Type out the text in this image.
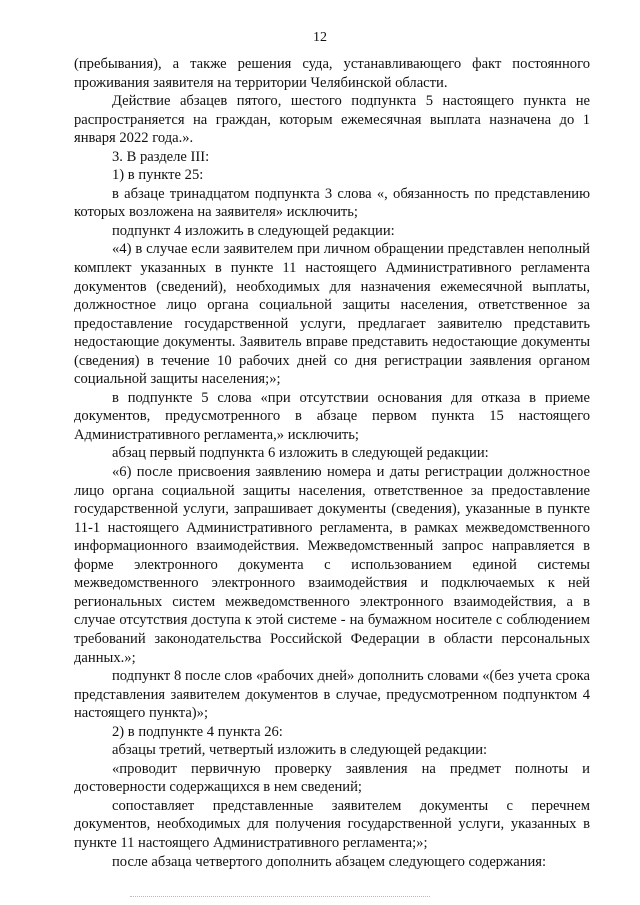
12

(пребывания), а также решения суда, устанавливающего факт постоянного проживания заявителя на территории Челябинской области.

Действие абзацев пятого, шестого подпункта 5 настоящего пункта не распространяется на граждан, которым ежемесячная выплата назначена до 1 января 2022 года.».

3. В разделе III:

1) в пункте 25:

в абзаце тринадцатом подпункта 3 слова «, обязанность по представлению которых возложена на заявителя» исключить;

подпункт 4 изложить в следующей редакции:

«4) в случае если заявителем при личном обращении представлен неполный комплект указанных в пункте 11 настоящего Административного регламента документов (сведений), необходимых для назначения ежемесячной выплаты, должностное лицо органа социальной защиты населения, ответственное за предоставление государственной услуги, предлагает заявителю представить недостающие документы. Заявитель вправе представить недостающие документы (сведения) в течение 10 рабочих дней со дня регистрации заявления органом социальной защиты населения;»;

в подпункте 5 слова «при отсутствии основания для отказа в приеме документов, предусмотренного в абзаце первом пункта 15 настоящего Административного регламента,» исключить;

абзац первый подпункта 6 изложить в следующей редакции:

«6) после присвоения заявлению номера и даты регистрации должностное лицо органа социальной защиты населения, ответственное за предоставление государственной услуги, запрашивает документы (сведения), указанные в пункте 11-1 настоящего Административного регламента, в рамках межведомственного информационного взаимодействия. Межведомственный запрос направляется в форме электронного документа с использованием единой системы межведомственного электронного взаимодействия и подключаемых к ней региональных систем межведомственного электронного взаимодействия, а в случае отсутствия доступа к этой системе - на бумажном носителе с соблюдением требований законодательства Российской Федерации в области персональных данных.»;

подпункт 8 после слов «рабочих дней» дополнить словами «(без учета срока представления заявителем документов в случае, предусмотренном подпунктом 4 настоящего пункта)»;

2) в подпункте 4 пункта 26:

абзацы третий, четвертый изложить в следующей редакции:

«проводит первичную проверку заявления на предмет полноты и достоверности содержащихся в нем сведений;

сопоставляет представленные заявителем документы с перечнем документов, необходимых для получения государственной услуги, указанных в пункте 11 настоящего Административного регламента;»;

после абзаца четвертого дополнить абзацем следующего содержания:
